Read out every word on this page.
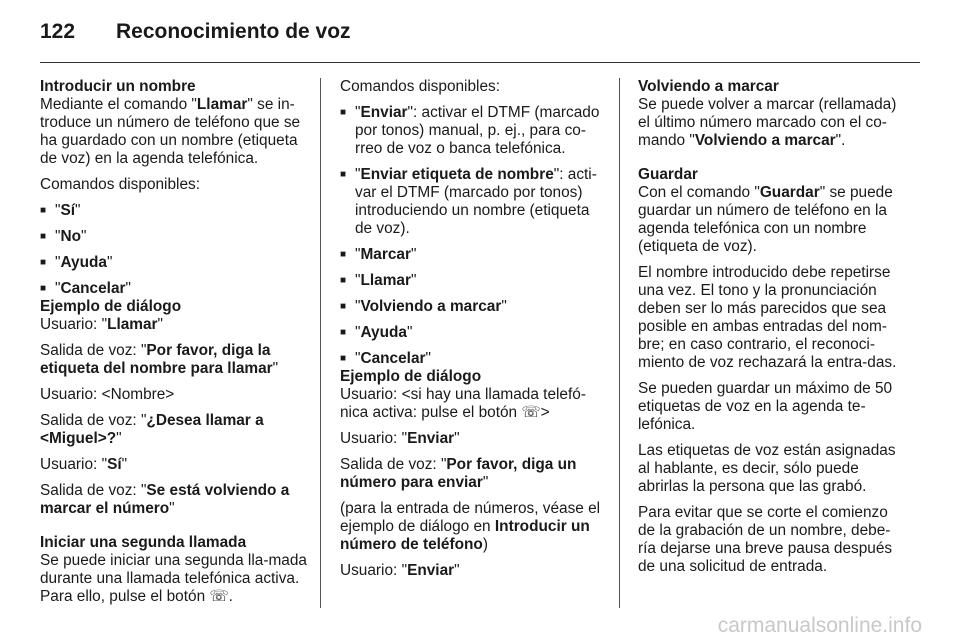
122	Reconocimiento de voz
Introducir un nombre
Mediante el comando "Llamar" se in-troduce un número de teléfono que se ha guardado con un nombre (etiqueta de voz) en la agenda telefónica.
Comandos disponibles:
■ "Sí"
■ "No"
■ "Ayuda"
■ "Cancelar"
Ejemplo de diálogo
Usuario: "Llamar"
Salida de voz: "Por favor, diga la etiqueta del nombre para llamar"
Usuario: <Nombre>
Salida de voz: "¿Desea llamar a <Miguel>?"
Usuario: "Sí"
Salida de voz: "Se está volviendo a marcar el número"
Iniciar una segunda llamada
Se puede iniciar una segunda lla-mada durante una llamada telefónica activa. Para ello, pulse el botón ☏.
Comandos disponibles:
■ "Enviar": activar el DTMF (marcado por tonos) manual, p. ej., para co-rreo de voz o banca telefónica.
■ "Enviar etiqueta de nombre": acti-var el DTMF (marcado por tonos) introduciendo un nombre (etiqueta de voz).
■ "Marcar"
■ "Llamar"
■ "Volviendo a marcar"
■ "Ayuda"
■ "Cancelar"
Ejemplo de diálogo
Usuario: <si hay una llamada telefó-nica activa: pulse el botón ☏>
Usuario: "Enviar"
Salida de voz: "Por favor, diga un número para enviar"
(para la entrada de números, véase el ejemplo de diálogo en Introducir un número de teléfono)
Usuario: "Enviar"
Volviendo a marcar
Se puede volver a marcar (rellamada) el último número marcado con el co-mando "Volviendo a marcar".
Guardar
Con el comando "Guardar" se puede guardar un número de teléfono en la agenda telefónica con un nombre (etiqueta de voz).
El nombre introducido debe repetirse una vez. El tono y la pronunciación deben ser lo más parecidos que sea posible en ambas entradas del nom-bre; en caso contrario, el reconoci-miento de voz rechazará la entra-das.
Se pueden guardar un máximo de 50 etiquetas de voz en la agenda te-lefónica.
Las etiquetas de voz están asignadas al hablante, es decir, sólo puede abrirlas la persona que las grabó.
Para evitar que se corte el comienzo de la grabación de un nombre, debe-ría dejarse una breve pausa después de una solicitud de entrada.
carmanualsonline.info
